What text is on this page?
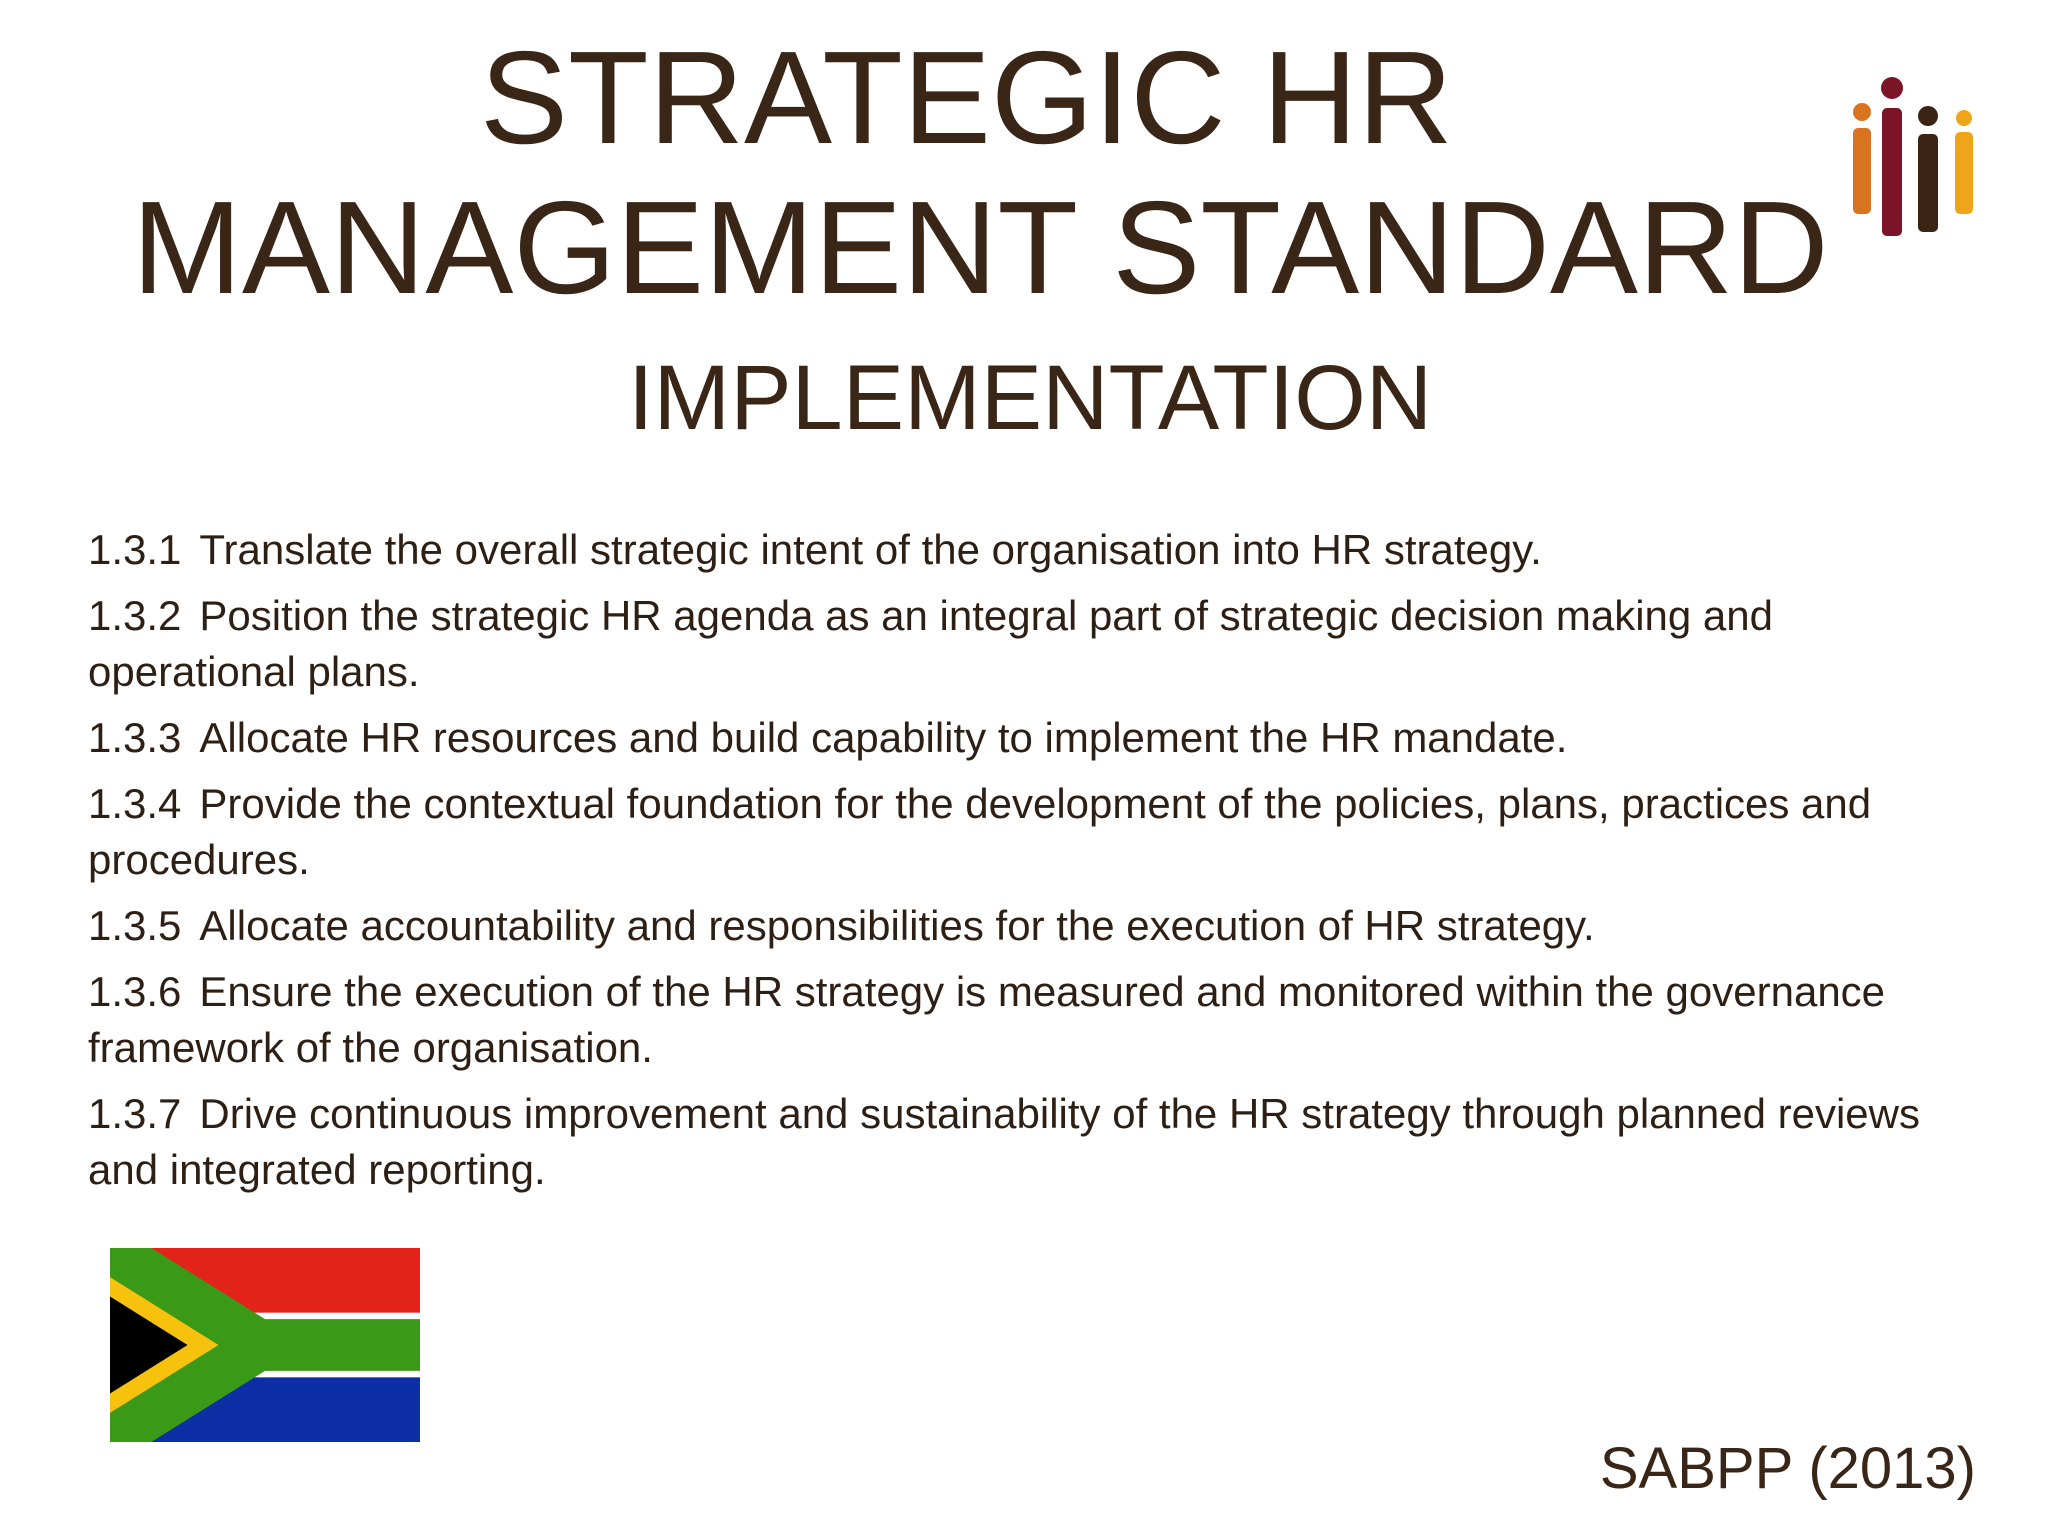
STRATEGIC HR
MANAGEMENT STANDARD
IMPLEMENTATION
1.3.1 Translate the overall strategic intent of the organisation into HR strategy.
1.3.2 Position the strategic HR agenda as an integral part of strategic decision making and operational plans.
1.3.3 Allocate HR resources and build capability to implement the HR mandate.
1.3.4 Provide the contextual foundation for the development of the policies, plans, practices and procedures.
1.3.5 Allocate accountability and responsibilities for the execution of HR strategy.
1.3.6 Ensure the execution of the HR strategy is measured and monitored within the governance framework of the organisation.
1.3.7 Drive continuous improvement and sustainability of the HR strategy through planned reviews and integrated reporting.
SABPP (2013)
